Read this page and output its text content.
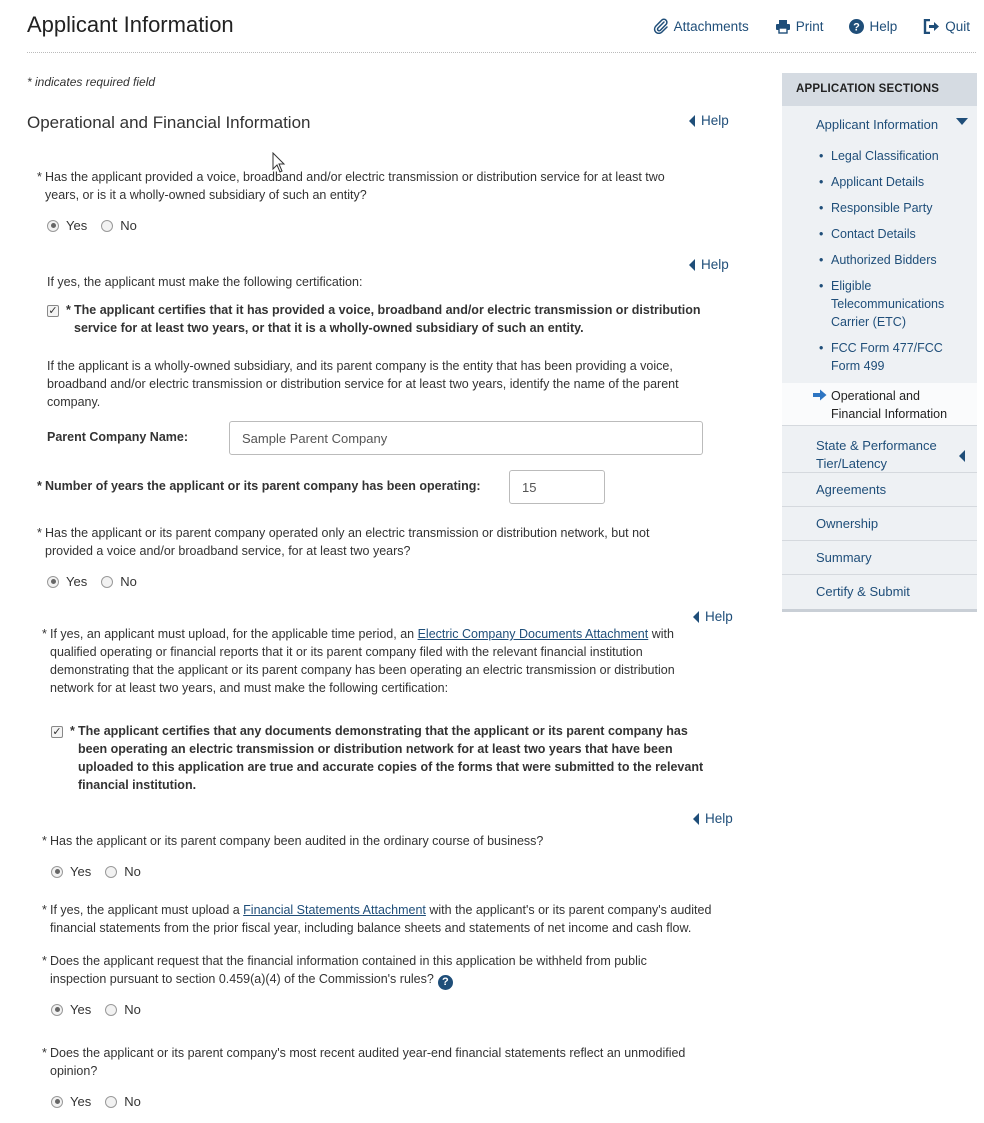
Applicant Information	Attachments	Print	? Help	Quit
* indicates required field
Operational and Financial Information	Help
Help
Help
Help
* Has the applicant provided a voice, broadband and/or electric transmission or distribution service for at least two years, or is it a wholly-owned subsidiary of such an entity?
Yes	No
If yes, the applicant must make the following certification:
✓ * The applicant certifies that it has provided a voice, broadband and/or electric transmission or distribution service for at least two years, or that it is a wholly-owned subsidiary of such an entity.
If the applicant is a wholly-owned subsidiary, and its parent company is the entity that has been providing a voice, broadband and/or electric transmission or distribution service for at least two years, identify the name of the parent company.
Parent Company Name:
Sample Parent Company
* Number of years the applicant or its parent company has been operating:
15
* Has the applicant or its parent company operated only an electric transmission or distribution network, but not provided a voice and/or broadband service, for at least two years?
Yes	No
* If yes, an applicant must upload, for the applicable time period, an Electric Company Documents Attachment with qualified operating or financial reports that it or its parent company filed with the relevant financial institution demonstrating that the applicant or its parent company has been operating an electric transmission or distribution network for at least two years, and must make the following certification:
✓ * The applicant certifies that any documents demonstrating that the applicant or its parent company has been operating an electric transmission or distribution network for at least two years that have been uploaded to this application are true and accurate copies of the forms that were submitted to the relevant financial institution.
* Has the applicant or its parent company been audited in the ordinary course of business?
Yes	No
* If yes, the applicant must upload a Financial Statements Attachment with the applicant's or its parent company's audited financial statements from the prior fiscal year, including balance sheets and statements of net income and cash flow.
* Does the applicant request that the financial information contained in this application be withheld from public inspection pursuant to section 0.459(a)(4) of the Commission's rules? ?
Yes	No
* Does the applicant or its parent company's most recent audited year-end financial statements reflect an unmodified opinion?
Yes	No
APPLICATION SECTIONS
Applicant Information
• Legal Classification
• Applicant Details
• Responsible Party
• Contact Details
• Authorized Bidders
• Eligible Telecommunications Carrier (ETC)
• FCC Form 477/FCC Form 499
Operational and Financial Information
State & Performance Tier/Latency
Agreements
Ownership
Summary
Certify & Submit
